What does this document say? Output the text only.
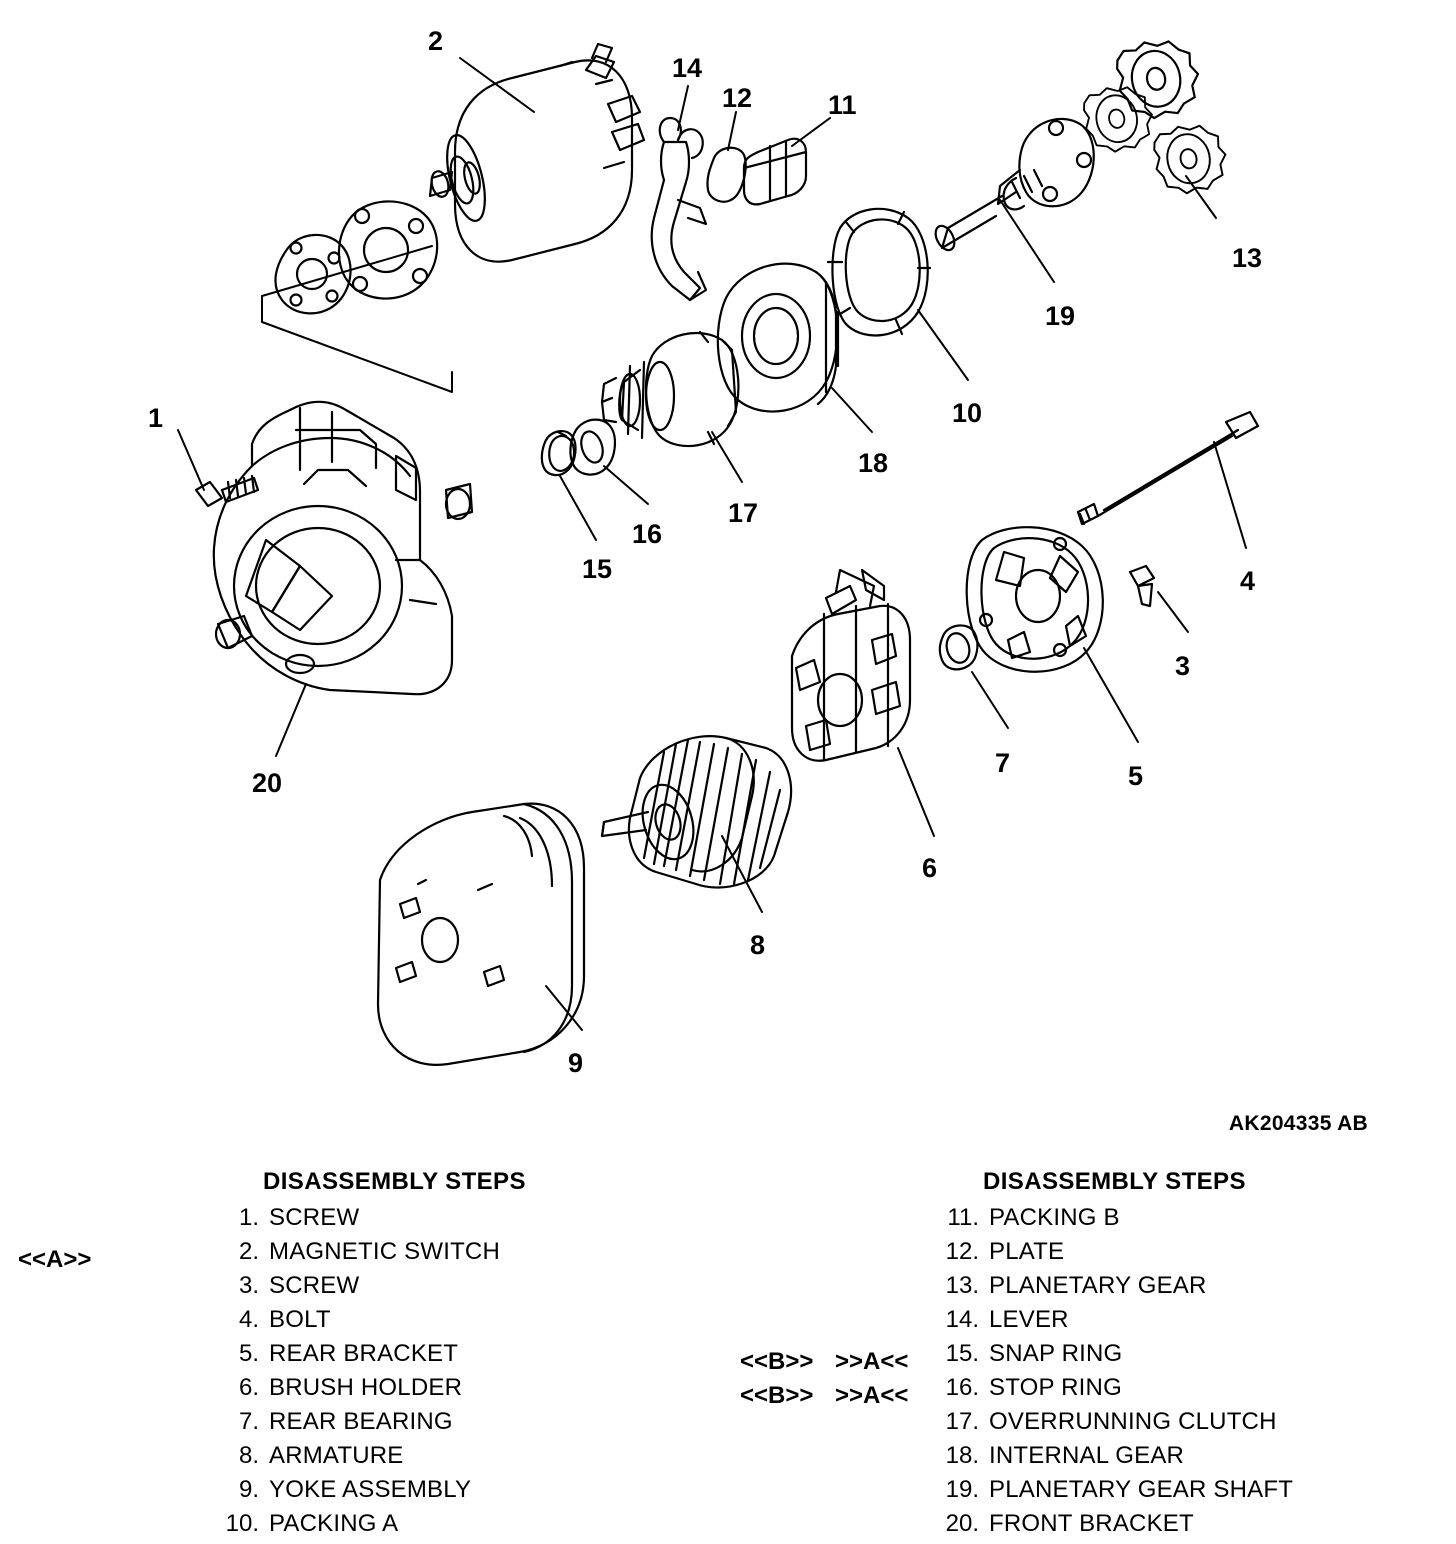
2
1
3
4
5
6
7
8
9
10
11
12
13
14
15
16
17
18
19
20
AK204335 AB
<<A>>
<<B>>
<<B>>
>>A<<
>>A<<
DISASSEMBLY STEPS
1. SCREW
2. MAGNETIC SWITCH
3. SCREW
4. BOLT
5. REAR BRACKET
6. BRUSH HOLDER
7. REAR BEARING
8. ARMATURE
9. YOKE ASSEMBLY
10. PACKING A
DISASSEMBLY STEPS
11. PACKING B
12. PLATE
13. PLANETARY GEAR
14. LEVER
15. SNAP RING
16. STOP RING
17. OVERRUNNING CLUTCH
18. INTERNAL GEAR
19. PLANETARY GEAR SHAFT
20. FRONT BRACKET
